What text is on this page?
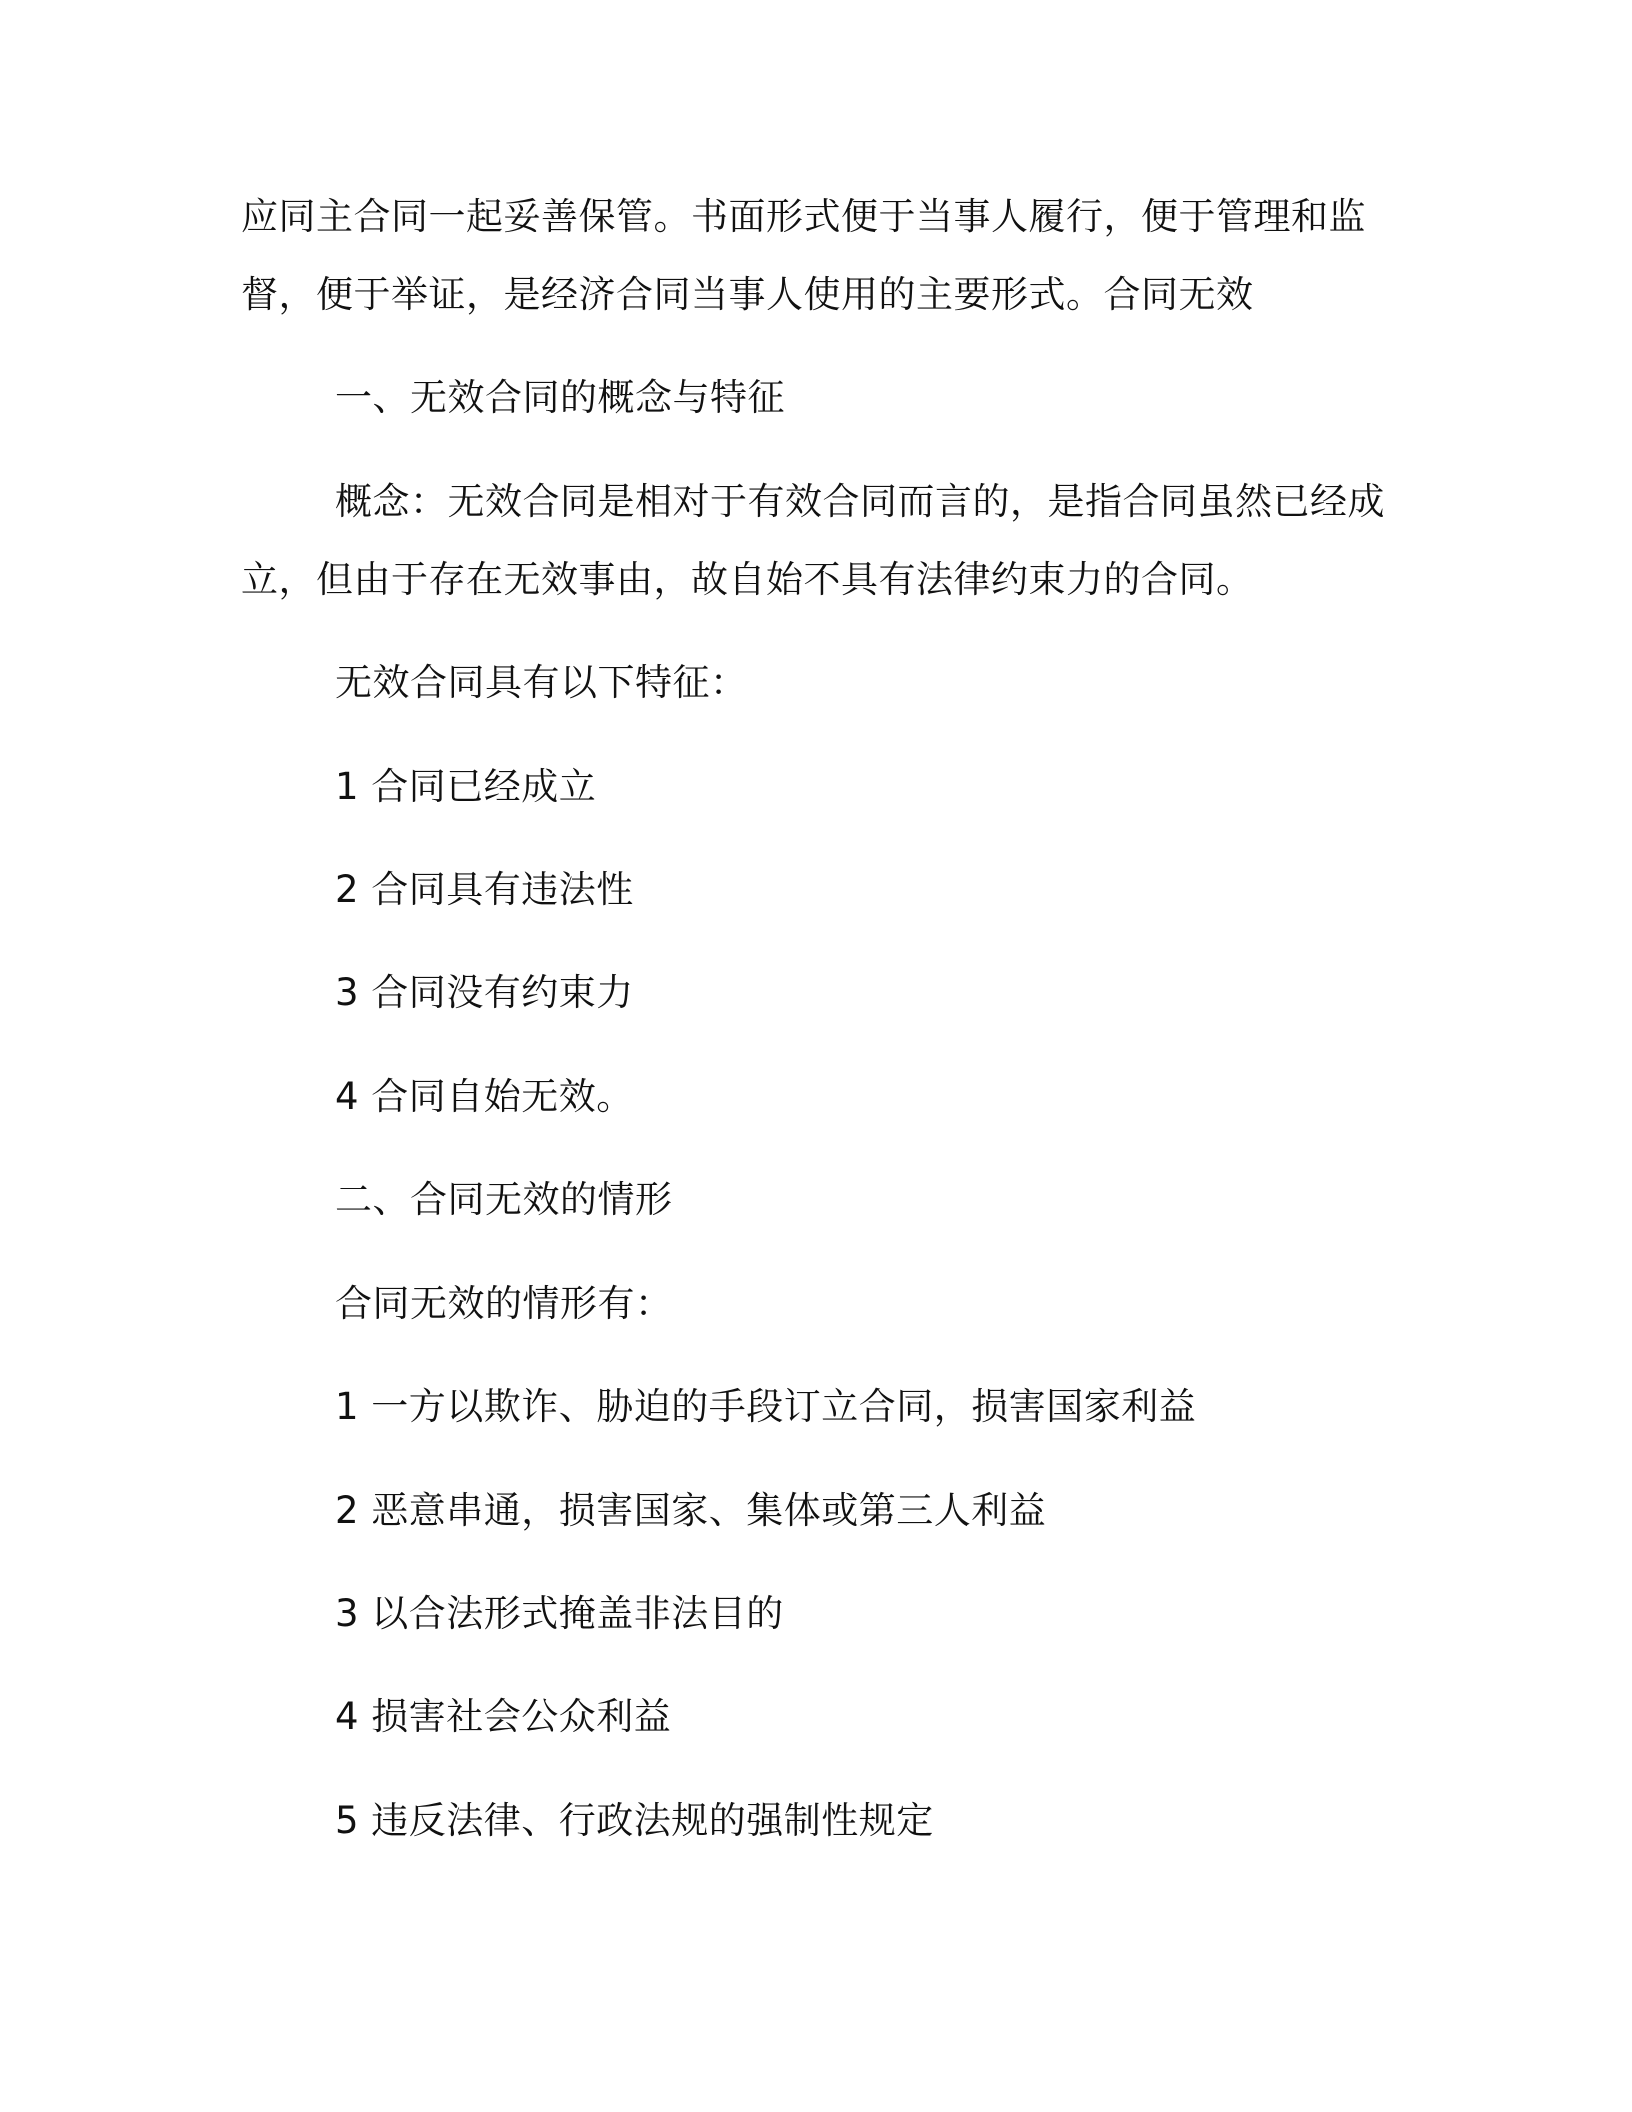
应同主合同一起妥善保管。书面形式便于当事人履行，便于管理和监

督，便于举证，是经济合同当事人使用的主要形式。合同无效

一、无效合同的概念与特征

概念：无效合同是相对于有效合同而言的，是指合同虽然已经成

立，但由于存在无效事由，故自始不具有法律约束力的合同。

无效合同具有以下特征：

1 合同已经成立

2 合同具有违法性

3 合同没有约束力

4 合同自始无效。

二、合同无效的情形

合同无效的情形有：

1 一方以欺诈、胁迫的手段订立合同，损害国家利益

2 恶意串通，损害国家、集体或第三人利益

3 以合法形式掩盖非法目的

4 损害社会公众利益

5 违反法律、行政法规的强制性规定
